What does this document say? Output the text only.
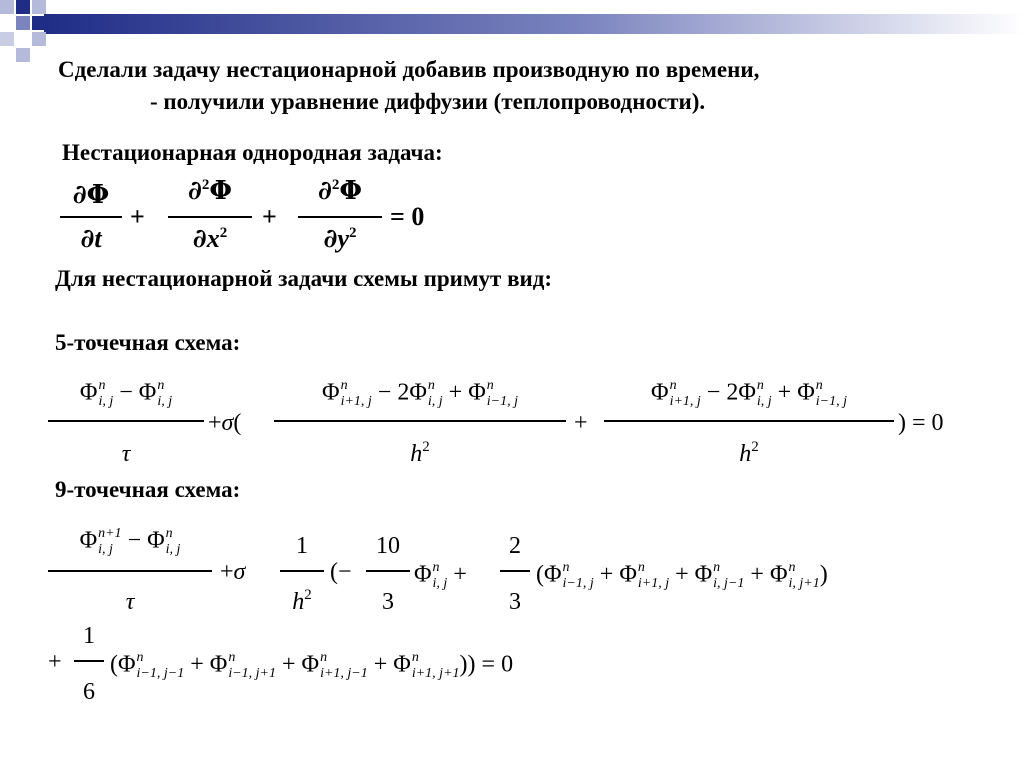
Сделали задачу нестационарной добавив производную по времени,
- получили уравнение диффузии (теплопроводности).
Нестационарная однородная задача:
Для нестационарной задачи схемы примут вид:
5-точечная схема:
9-точечная схема:
∂Φ
∂t
+
∂$^2$Φ
$\partial x^2$
+
∂$^2$Φ
$\partial y^2$
= 0
Φ n
i, j − Φ n
i, j
τ
+σ(
Φ n
i+1, j − 2Φ n
i, j + Φ n
i−1, j
$h^2$
+
Φ n
i+1, j − 2Φ n
i, j + Φ n
i−1, j
$h^2$
) = 0
Φ n+1
i, j − Φ n
i, j
τ
+σ
1
$h^2$
(−
10
3
Φ n
i, j +
2
3
(Φ n
i−1, j + Φ n
i+1, j + Φ n
i, j−1 + Φ n
i, j+1 )
+
1
6
(Φ n
i−1, j−1 + Φ n
i−1, j+1 + Φ n
i+1, j−1 + Φ n
i+1, j+1 )) = 0
